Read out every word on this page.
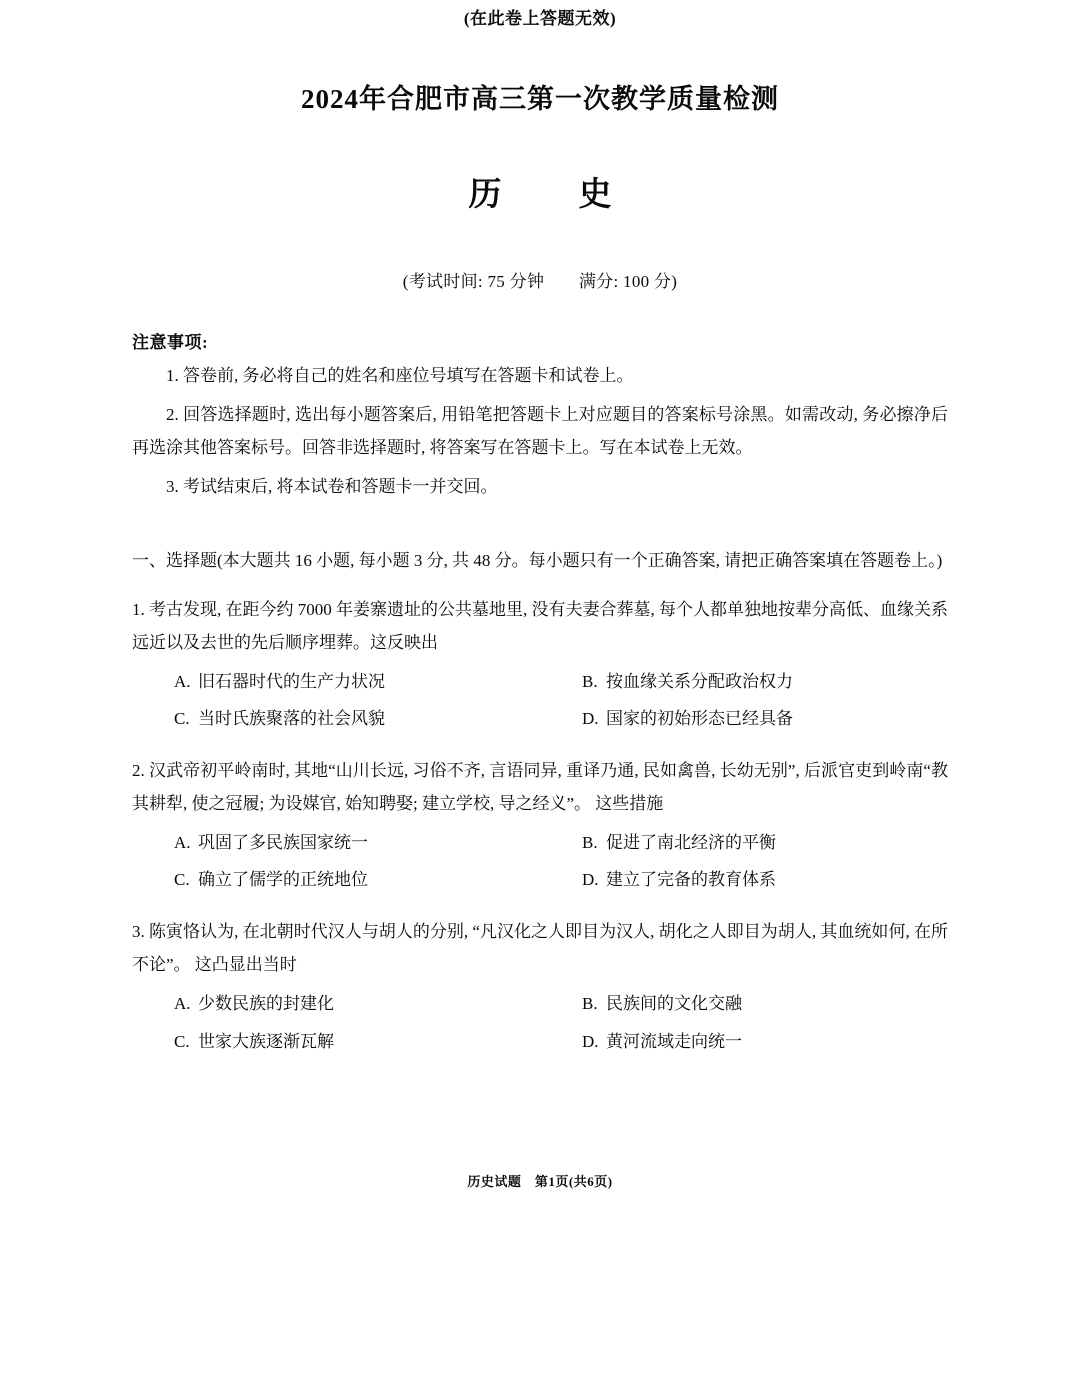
(在此卷上答题无效)
2024年合肥市高三第一次教学质量检测
历　史
(考试时间: 75 分钟　　满分: 100 分)
注意事项:
1. 答卷前, 务必将自己的姓名和座位号填写在答题卡和试卷上。
2. 回答选择题时, 选出每小题答案后, 用铅笔把答题卡上对应题目的答案标号涂黑。如需改动, 务必擦净后再选涂其他答案标号。回答非选择题时, 将答案写在答题卡上。写在本试卷上无效。
3. 考试结束后, 将本试卷和答题卡一并交回。
一、选择题(本大题共 16 小题, 每小题 3 分, 共 48 分。每小题只有一个正确答案, 请把正确答案填在答题卷上。)
1. 考古发现, 在距今约 7000 年姜寨遗址的公共墓地里, 没有夫妻合葬墓, 每个人都单独地按辈分高低、血缘关系远近以及去世的先后顺序埋葬。这反映出
A. 旧石器时代的生产力状况	B. 按血缘关系分配政治权力
C. 当时氏族聚落的社会风貌	D. 国家的初始形态已经具备
2. 汉武帝初平岭南时, 其地“山川长远, 习俗不齐, 言语同异, 重译乃通, 民如禽兽, 长幼无别”, 后派官吏到岭南“教其耕犁, 使之冠履; 为设媒官, 始知聘娶; 建立学校, 导之经义”。 这些措施
A. 巩固了多民族国家统一	B. 促进了南北经济的平衡
C. 确立了儒学的正统地位	D. 建立了完备的教育体系
3. 陈寅恪认为, 在北朝时代汉人与胡人的分别, “凡汉化之人即目为汉人, 胡化之人即目为胡人, 其血统如何, 在所不论”。 这凸显出当时
A. 少数民族的封建化	B. 民族间的文化交融
C. 世家大族逐渐瓦解	D. 黄河流域走向统一
历史试题　第1页(共6页)
